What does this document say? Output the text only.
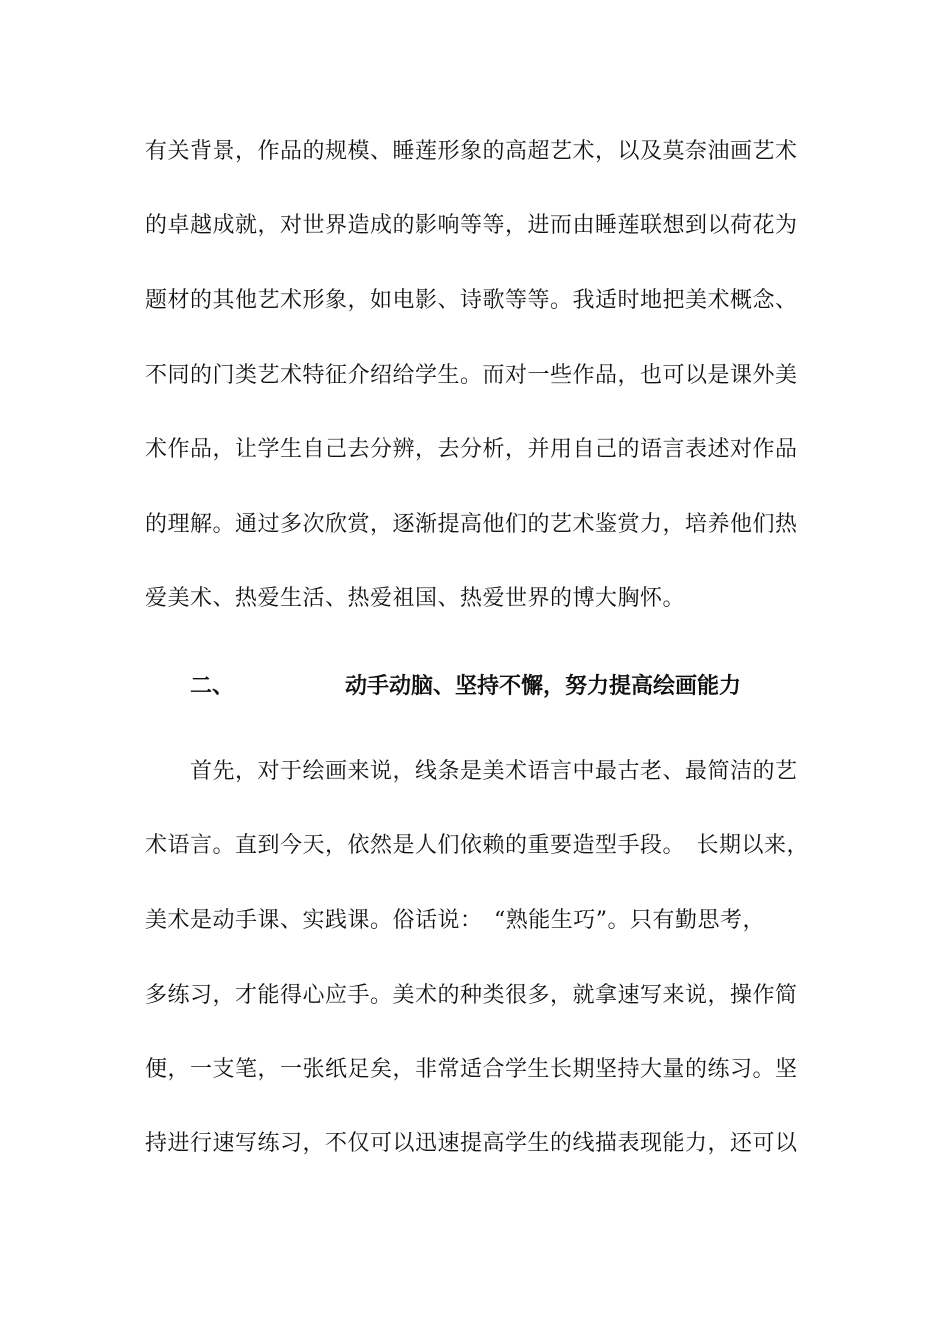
有关背景，作品的规模、睡莲形象的高超艺术，以及莫奈油画艺术
的卓越成就，对世界造成的影响等等，进而由睡莲联想到以荷花为
题材的其他艺术形象，如电影、诗歌等等。我适时地把美术概念、
不同的门类艺术特征介绍给学生。而对一些作品，也可以是课外美
术作品，让学生自己去分辨，去分析，并用自己的语言表述对作品
的理解。通过多次欣赏，逐渐提高他们的艺术鉴赏力，培养他们热
爱美术、热爱生活、热爱祖国、热爱世界的博大胸怀。
二、	动手动脑、坚持不懈，努力提高绘画能力
　　首先，对于绘画来说，线条是美术语言中最古老、最简洁的艺
术语言。直到今天，依然是人们依赖的重要造型手段。　长期以来，
美术是动手课、实践课。俗话说：　“熟能生巧”。只有勤思考，
多练习，才能得心应手。美术的种类很多，就拿速写来说，操作简
便，一支笔，一张纸足矣，非常适合学生长期坚持大量的练习。坚
持进行速写练习，不仅可以迅速提高学生的线描表现能力，还可以
